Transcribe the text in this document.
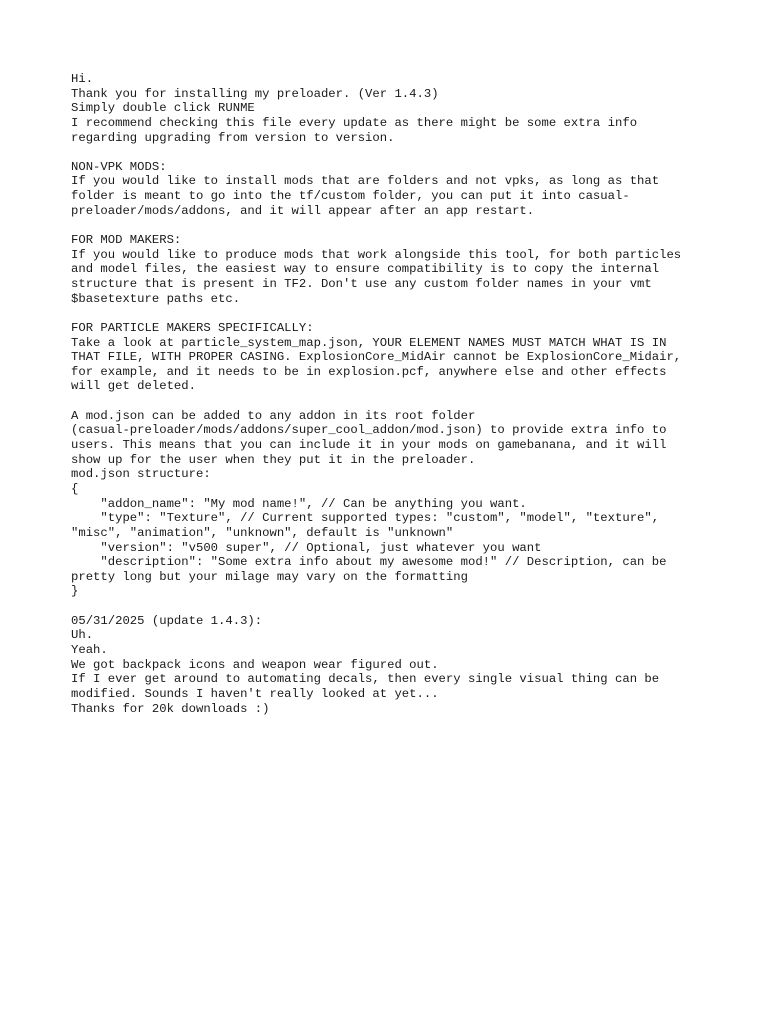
Hi.
Thank you for installing my preloader. (Ver 1.4.3)
Simply double click RUNME
I recommend checking this file every update as there might be some extra info
regarding upgrading from version to version.
NON-VPK MODS:
If you would like to install mods that are folders and not vpks, as long as that
folder is meant to go into the tf/custom folder, you can put it into casual-
preloader/mods/addons, and it will appear after an app restart.
FOR MOD MAKERS:
If you would like to produce mods that work alongside this tool, for both particles
and model files, the easiest way to ensure compatibility is to copy the internal
structure that is present in TF2. Don't use any custom folder names in your vmt
$basetexture paths etc.
FOR PARTICLE MAKERS SPECIFICALLY:
Take a look at particle_system_map.json, YOUR ELEMENT NAMES MUST MATCH WHAT IS IN
THAT FILE, WITH PROPER CASING. ExplosionCore_MidAir cannot be ExplosionCore_Midair,
for example, and it needs to be in explosion.pcf, anywhere else and other effects
will get deleted.
A mod.json can be added to any addon in its root folder
(casual-preloader/mods/addons/super_cool_addon/mod.json) to provide extra info to
users. This means that you can include it in your mods on gamebanana, and it will
show up for the user when they put it in the preloader.
mod.json structure:
{
"addon_name": "My mod name!", // Can be anything you want.
"type": "Texture", // Current supported types: "custom", "model", "texture",
"misc", "animation", "unknown", default is "unknown"
"version": "v500 super", // Optional, just whatever you want
"description": "Some extra info about my awesome mod!" // Description, can be
pretty long but your milage may vary on the formatting
}
05/31/2025 (update 1.4.3):
Uh.
Yeah.
We got backpack icons and weapon wear figured out.
If I ever get around to automating decals, then every single visual thing can be
modified. Sounds I haven't really looked at yet...
Thanks for 20k downloads :)
